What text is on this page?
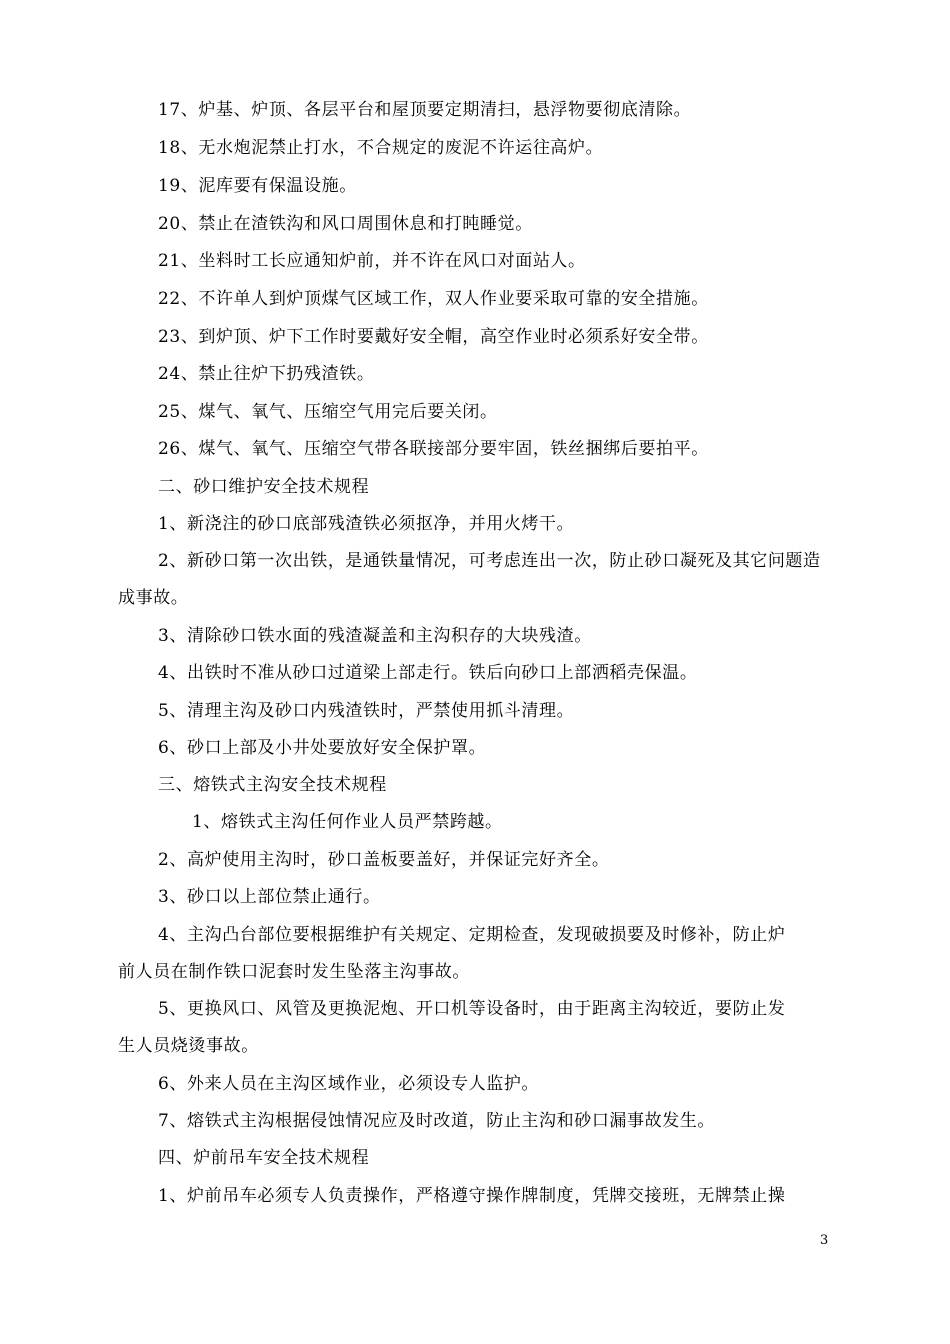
17、炉基、炉顶、各层平台和屋顶要定期清扫，悬浮物要彻底清除。
18、无水炮泥禁止打水，不合规定的废泥不许运往高炉。
19、泥库要有保温设施。
20、禁止在渣铁沟和风口周围休息和打盹睡觉。
21、坐料时工长应通知炉前，并不许在风口对面站人。
22、不许单人到炉顶煤气区域工作，双人作业要采取可靠的安全措施。
23、到炉顶、炉下工作时要戴好安全帽，高空作业时必须系好安全带。
24、禁止往炉下扔残渣铁。
25、煤气、氧气、压缩空气用完后要关闭。
26、煤气、氧气、压缩空气带各联接部分要牢固，铁丝捆绑后要拍平。
二、砂口维护安全技术规程
1、新浇注的砂口底部残渣铁必须抠净，并用火烤干。
2、新砂口第一次出铁，是通铁量情况，可考虑连出一次，防止砂口凝死及其它问题造
成事故。
3、清除砂口铁水面的残渣凝盖和主沟积存的大块残渣。
4、出铁时不准从砂口过道梁上部走行。铁后向砂口上部洒稻壳保温。
5、清理主沟及砂口内残渣铁时，严禁使用抓斗清理。
6、砂口上部及小井处要放好安全保护罩。
三、熔铁式主沟安全技术规程
1、熔铁式主沟任何作业人员严禁跨越。
2、高炉使用主沟时，砂口盖板要盖好，并保证完好齐全。
3、砂口以上部位禁止通行。
4、主沟凸台部位要根据维护有关规定、定期检查，发现破损要及时修补，防止炉
前人员在制作铁口泥套时发生坠落主沟事故。
5、更换风口、风管及更换泥炮、开口机等设备时，由于距离主沟较近，要防止发
生人员烧烫事故。
6、外来人员在主沟区域作业，必须设专人监护。
7、熔铁式主沟根据侵蚀情况应及时改道，防止主沟和砂口漏事故发生。
四、炉前吊车安全技术规程
1、炉前吊车必须专人负责操作，严格遵守操作牌制度，凭牌交接班，无牌禁止操
3
